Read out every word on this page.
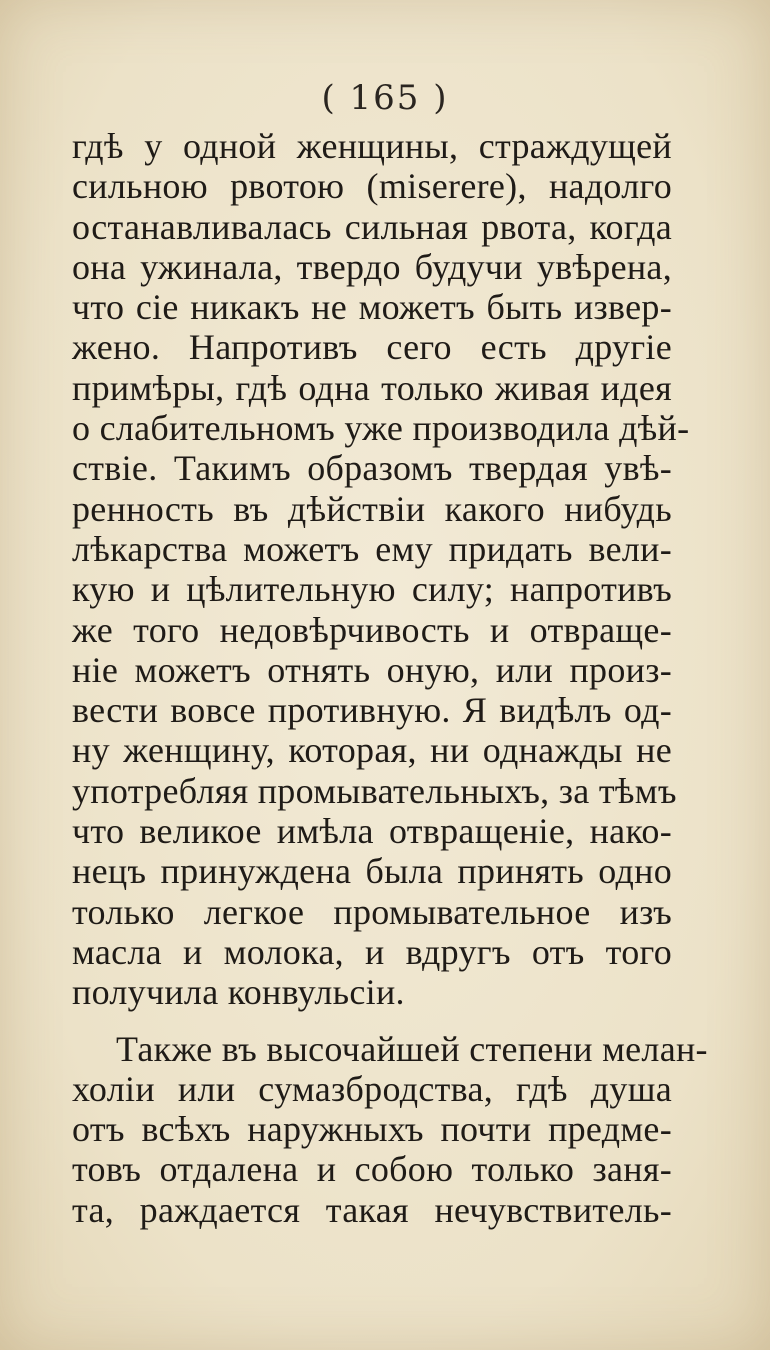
( 165 )
гдѣ у одной женщины, страждущей
сильною рвотою (miserere), надолго
останавливалась сильная рвота, когда
она ужинала, твердо будучи увѣрена,
что сіе никакъ не можетъ быть извер-
жено. Напротивъ сего есть другіе
примѣры, гдѣ одна только живая идея
о слабительномъ уже производила дѣй-
ствіе. Такимъ образомъ твердая увѣ-
ренность въ дѣйствіи какого нибудь
лѣкарства можетъ ему придать вели-
кую и цѣлительную силу; напротивъ
же того недовѣрчивость и отвраще-
ніе можетъ отнять оную, или произ-
вести вовсе противную. Я видѣлъ од-
ну женщину, которая, ни однажды не
употребляя промывательныхъ, за тѣмъ
что великое имѣла отвращеніе, нако-
нецъ принуждена была принять одно
только легкое промывательное изъ
масла и молока, и вдругъ отъ того
получила конвульсіи.
Также въ высочайшей степени мелан-
холіи или сумазбродства, гдѣ душа
отъ всѣхъ наружныхъ почти предме-
товъ отдалена и собою только заня-
та, раждается такая нечувствитель-
